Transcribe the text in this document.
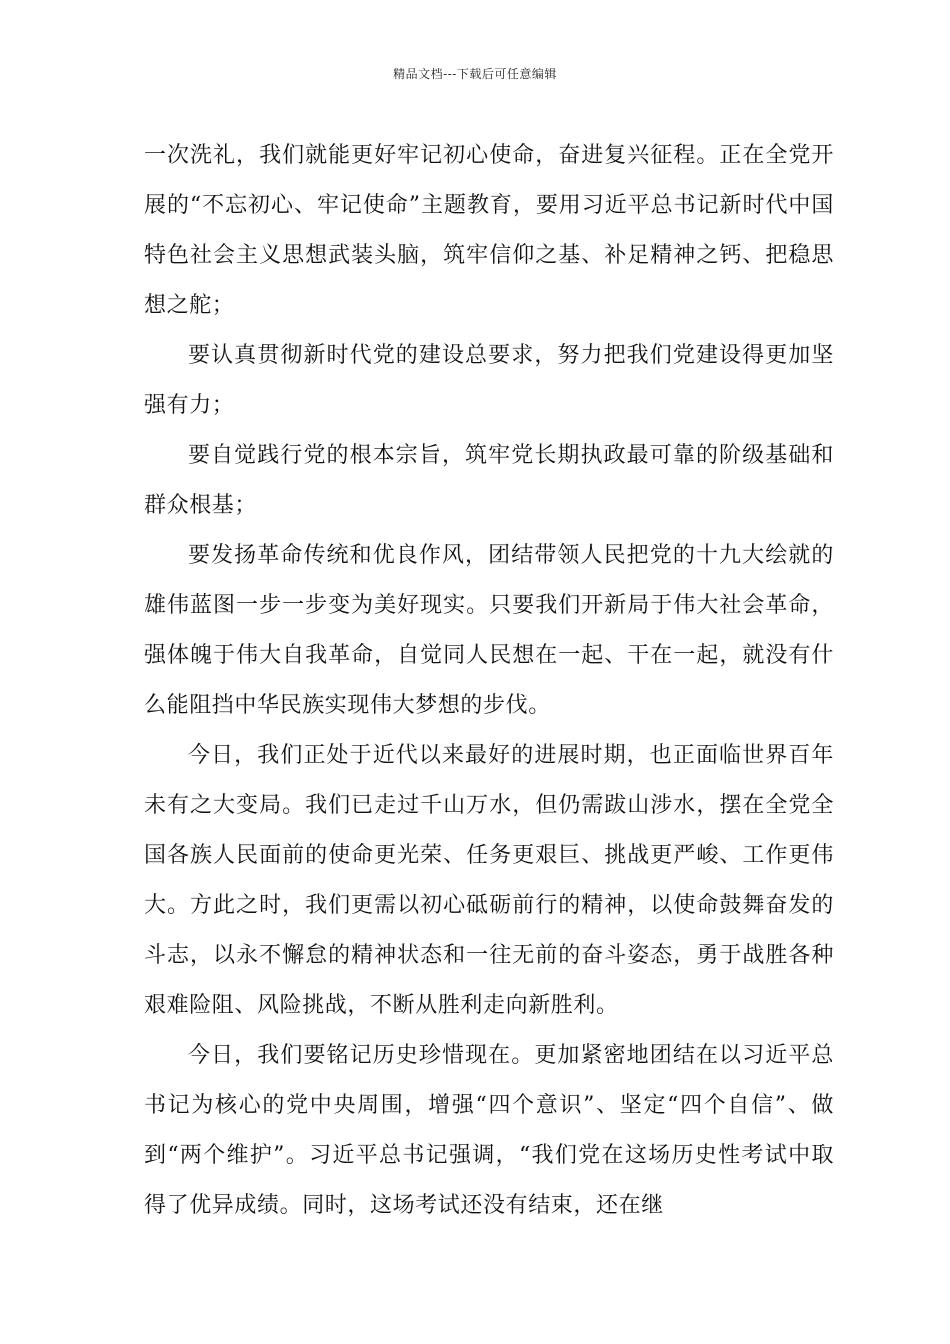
精品文档---下载后可任意编辑

一次洗礼，我们就能更好牢记初心使命，奋进复兴征程。正在全党开展的“不忘初心、牢记使命”主题教育，要用习近平总书记新时代中国特色社会主义思想武装头脑，筑牢信仰之基、补足精神之钙、把稳思想之舵；

要认真贯彻新时代党的建设总要求，努力把我们党建设得更加坚强有力；

要自觉践行党的根本宗旨，筑牢党长期执政最可靠的阶级基础和群众根基；

要发扬革命传统和优良作风，团结带领人民把党的十九大绘就的雄伟蓝图一步一步变为美好现实。只要我们开新局于伟大社会革命，强体魄于伟大自我革命，自觉同人民想在一起、干在一起，就没有什么能阻挡中华民族实现伟大梦想的步伐。

今日，我们正处于近代以来最好的进展时期，也正面临世界百年未有之大变局。我们已走过千山万水，但仍需跋山涉水，摆在全党全国各族人民面前的使命更光荣、任务更艰巨、挑战更严峻、工作更伟大。方此之时，我们更需以初心砥砺前行的精神，以使命鼓舞奋发的斗志，以永不懈怠的精神状态和一往无前的奋斗姿态，勇于战胜各种艰难险阻、风险挑战，不断从胜利走向新胜利。

今日，我们要铭记历史珍惜现在。更加紧密地团结在以习近平总书记为核心的党中央周围，增强“四个意识”、坚定“四个自信”、做到“两个维护”。习近平总书记强调，“我们党在这场历史性考试中取得了优异成绩。同时，这场考试还没有结束，还在继
